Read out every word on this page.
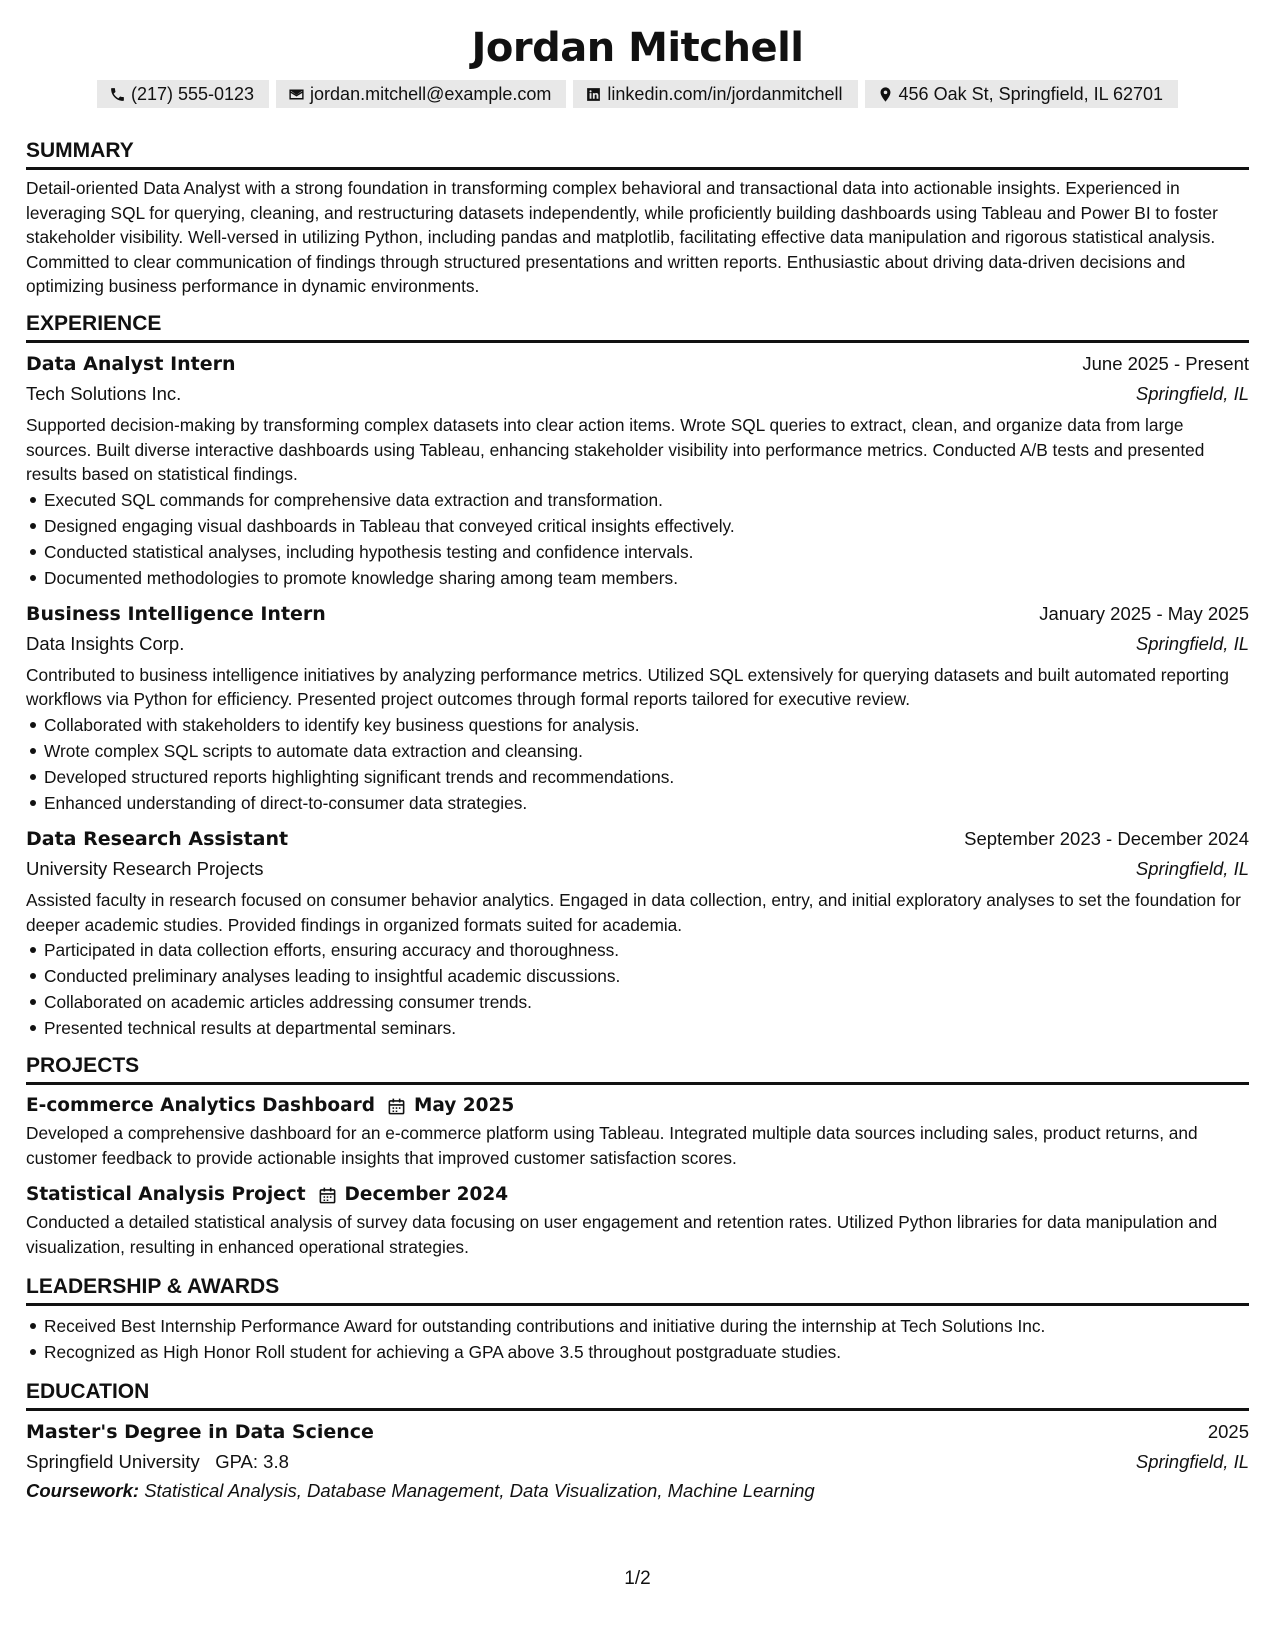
Jordan Mitchell
(217) 555-0123	jordan.mitchell@example.com	linkedin.com/in/jordanmitchell	456 Oak St, Springfield, IL 62701
SUMMARY
Detail-oriented Data Analyst with a strong foundation in transforming complex behavioral and transactional data into actionable insights. Experienced in leveraging SQL for querying, cleaning, and restructuring datasets independently, while proficiently building dashboards using Tableau and Power BI to foster stakeholder visibility. Well-versed in utilizing Python, including pandas and matplotlib, facilitating effective data manipulation and rigorous statistical analysis. Committed to clear communication of findings through structured presentations and written reports. Enthusiastic about driving data-driven decisions and optimizing business performance in dynamic environments.
EXPERIENCE
Data Analyst Intern	June 2025 - Present
Tech Solutions Inc.	Springfield, IL
Supported decision-making by transforming complex datasets into clear action items. Wrote SQL queries to extract, clean, and organize data from large sources. Built diverse interactive dashboards using Tableau, enhancing stakeholder visibility into performance metrics. Conducted A/B tests and presented results based on statistical findings.
Executed SQL commands for comprehensive data extraction and transformation.
Designed engaging visual dashboards in Tableau that conveyed critical insights effectively.
Conducted statistical analyses, including hypothesis testing and confidence intervals.
Documented methodologies to promote knowledge sharing among team members.
Business Intelligence Intern	January 2025 - May 2025
Data Insights Corp.	Springfield, IL
Contributed to business intelligence initiatives by analyzing performance metrics. Utilized SQL extensively for querying datasets and built automated reporting workflows via Python for efficiency. Presented project outcomes through formal reports tailored for executive review.
Collaborated with stakeholders to identify key business questions for analysis.
Wrote complex SQL scripts to automate data extraction and cleansing.
Developed structured reports highlighting significant trends and recommendations.
Enhanced understanding of direct-to-consumer data strategies.
Data Research Assistant	September 2023 - December 2024
University Research Projects	Springfield, IL
Assisted faculty in research focused on consumer behavior analytics. Engaged in data collection, entry, and initial exploratory analyses to set the foundation for deeper academic studies. Provided findings in organized formats suited for academia.
Participated in data collection efforts, ensuring accuracy and thoroughness.
Conducted preliminary analyses leading to insightful academic discussions.
Collaborated on academic articles addressing consumer trends.
Presented technical results at departmental seminars.
PROJECTS
E-commerce Analytics Dashboard May 2025
Developed a comprehensive dashboard for an e-commerce platform using Tableau. Integrated multiple data sources including sales, product returns, and customer feedback to provide actionable insights that improved customer satisfaction scores.
Statistical Analysis Project December 2024
Conducted a detailed statistical analysis of survey data focusing on user engagement and retention rates. Utilized Python libraries for data manipulation and visualization, resulting in enhanced operational strategies.
LEADERSHIP & AWARDS
Received Best Internship Performance Award for outstanding contributions and initiative during the internship at Tech Solutions Inc.
Recognized as High Honor Roll student for achieving a GPA above 3.5 throughout postgraduate studies.
EDUCATION
Master's Degree in Data Science	2025
Springfield University GPA: 3.8	Springfield, IL
Coursework: Statistical Analysis, Database Management, Data Visualization, Machine Learning
1/2
